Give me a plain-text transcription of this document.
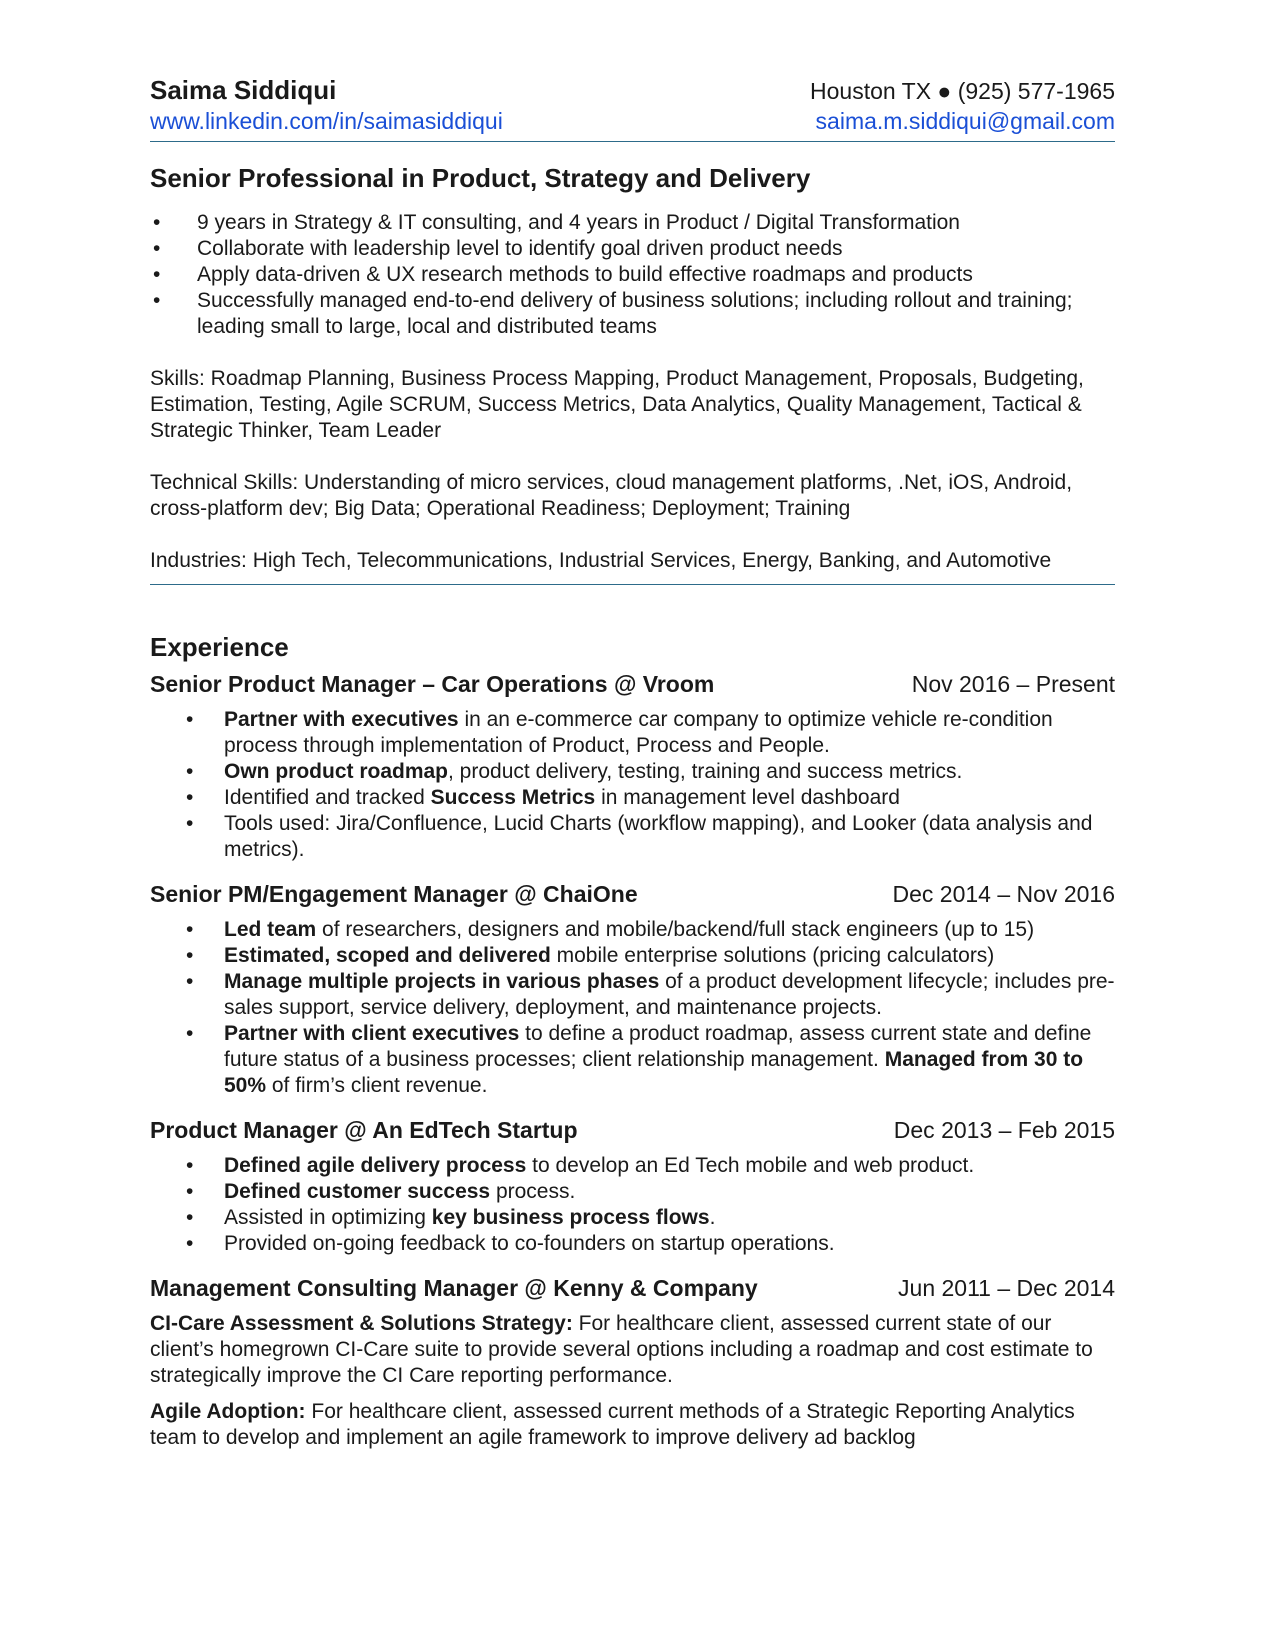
Saima Siddiqui	Houston TX ● (925) 577-1965
www.linkedin.com/in/saimasiddiqui	saima.m.siddiqui@gmail.com
Senior Professional in Product, Strategy and Delivery
• 9 years in Strategy & IT consulting, and 4 years in Product / Digital Transformation
• Collaborate with leadership level to identify goal driven product needs
• Apply data-driven & UX research methods to build effective roadmaps and products
• Successfully managed end-to-end delivery of business solutions; including rollout and training; leading small to large, local and distributed teams

Skills: Roadmap Planning, Business Process Mapping, Product Management, Proposals, Budgeting, Estimation, Testing, Agile SCRUM, Success Metrics, Data Analytics, Quality Management, Tactical & Strategic Thinker, Team Leader

Technical Skills: Understanding of micro services, cloud management platforms, .Net, iOS, Android, cross-platform dev; Big Data; Operational Readiness; Deployment; Training

Industries: High Tech, Telecommunications, Industrial Services, Energy, Banking, and Automotive

Experience
Senior Product Manager – Car Operations @ Vroom	Nov 2016 – Present
• Partner with executives in an e-commerce car company to optimize vehicle re-condition process through implementation of Product, Process and People.
• Own product roadmap, product delivery, testing, training and success metrics.
• Identified and tracked Success Metrics in management level dashboard
• Tools used: Jira/Confluence, Lucid Charts (workflow mapping), and Looker (data analysis and metrics).
Senior PM/Engagement Manager @ ChaiOne	Dec 2014 – Nov 2016
• Led team of researchers, designers and mobile/backend/full stack engineers (up to 15)
• Estimated, scoped and delivered mobile enterprise solutions (pricing calculators)
• Manage multiple projects in various phases of a product development lifecycle; includes pre-sales support, service delivery, deployment, and maintenance projects.
• Partner with client executives to define a product roadmap, assess current state and define future status of a business processes; client relationship management. Managed from 30 to 50% of firm’s client revenue.
Product Manager @ An EdTech Startup	Dec 2013 – Feb 2015
• Defined agile delivery process to develop an Ed Tech mobile and web product.
• Defined customer success process.
• Assisted in optimizing key business process flows.
• Provided on-going feedback to co-founders on startup operations.
Management Consulting Manager @ Kenny & Company	Jun 2011 – Dec 2014

CI-Care Assessment & Solutions Strategy: For healthcare client, assessed current state of our client’s homegrown CI-Care suite to provide several options including a roadmap and cost estimate to strategically improve the CI Care reporting performance.

Agile Adoption: For healthcare client, assessed current methods of a Strategic Reporting Analytics team to develop and implement an agile framework to improve delivery ad backlog
